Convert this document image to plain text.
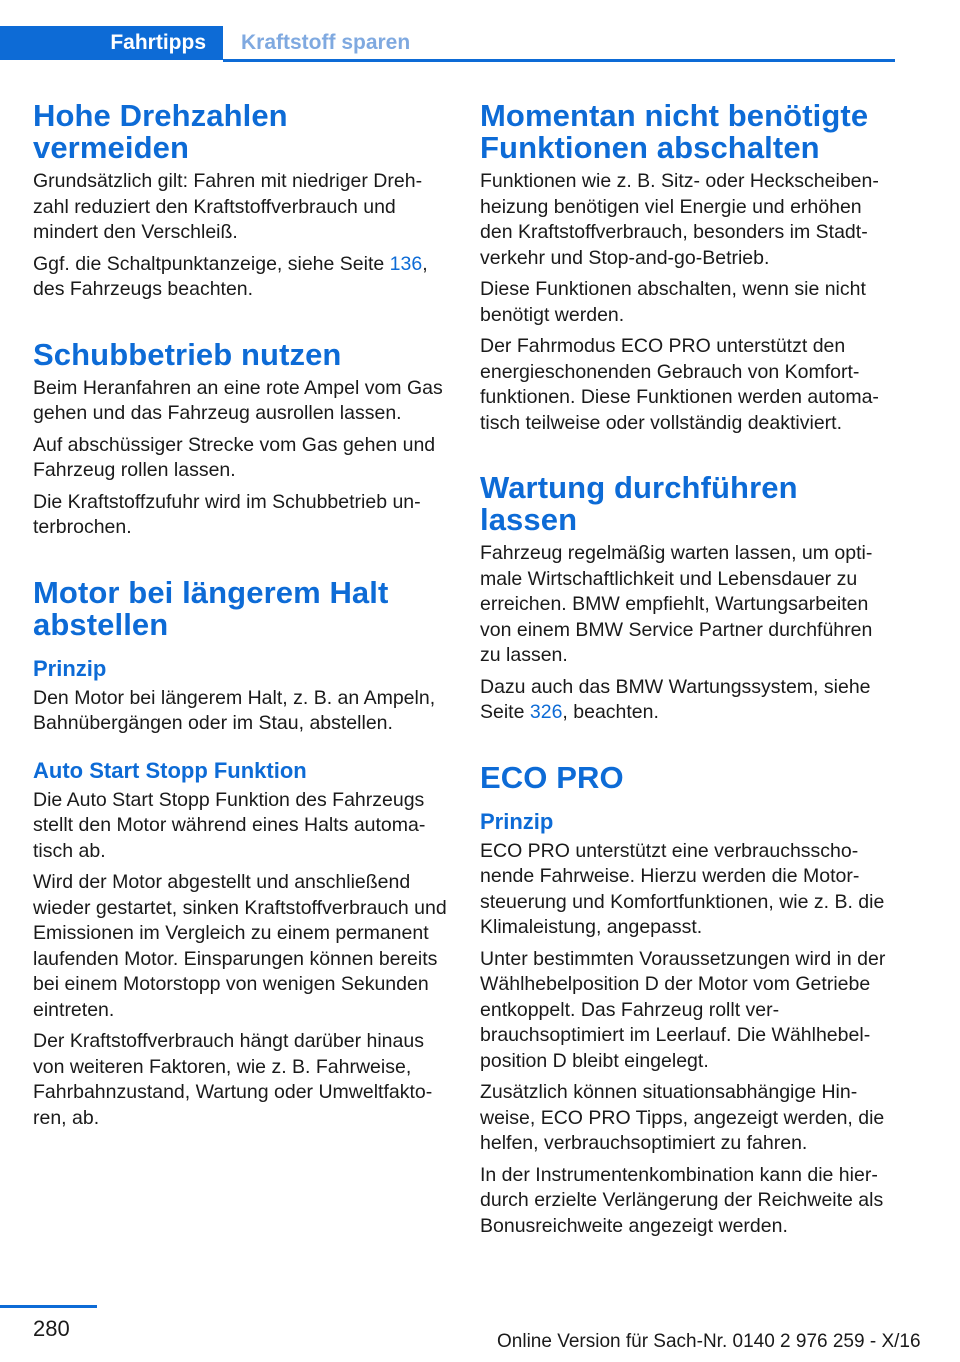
Fahrtipps	Kraftstoff sparen
Hohe Drehzahlen vermeiden

Grundsätzlich gilt: Fahren mit niedriger Drehzahl reduziert den Kraftstoffverbrauch und mindert den Verschleiß.

Ggf. die Schaltpunktanzeige, siehe Seite 136, des Fahrzeugs beachten.

Schubbetrieb nutzen

Beim Heranfahren an eine rote Ampel vom Gas gehen und das Fahrzeug ausrollen lassen.

Auf abschüssiger Strecke vom Gas gehen und Fahrzeug rollen lassen.

Die Kraftstoffzufuhr wird im Schubbetrieb unterbrochen.

Motor bei längerem Halt abstellen
Prinzip

Den Motor bei längerem Halt, z. B. an Ampeln, Bahnübergängen oder im Stau, abstellen.

Auto Start Stopp Funktion

Die Auto Start Stopp Funktion des Fahrzeugs stellt den Motor während eines Halts automatisch ab.

Wird der Motor abgestellt und anschließend wieder gestartet, sinken Kraftstoffverbrauch und Emissionen im Vergleich zu einem permanent laufenden Motor. Einsparungen können bereits bei einem Motorstopp von wenigen Sekunden eintreten.

Der Kraftstoffverbrauch hängt darüber hinaus von weiteren Faktoren, wie z. B. Fahrweise, Fahrbahnzustand, Wartung oder Umweltfaktoren, ab.

Momentan nicht benötigte Funktionen abschalten

Funktionen wie z. B. Sitz- oder Heckscheibenheizung benötigen viel Energie und erhöhen den Kraftstoffverbrauch, besonders im Stadtverkehr und Stop-and-go-Betrieb.

Diese Funktionen abschalten, wenn sie nicht benötigt werden.

Der Fahrmodus ECO PRO unterstützt den energieschonenden Gebrauch von Komfortfunktionen. Diese Funktionen werden automatisch teilweise oder vollständig deaktiviert.

Wartung durchführen lassen

Fahrzeug regelmäßig warten lassen, um optimale Wirtschaftlichkeit und Lebensdauer zu erreichen. BMW empfiehlt, Wartungsarbeiten von einem BMW Service Partner durchführen zu lassen.

Dazu auch das BMW Wartungssystem, siehe Seite 326, beachten.

ECO PRO
Prinzip

ECO PRO unterstützt eine verbrauchsschonende Fahrweise. Hierzu werden die Motorsteuerung und Komfortfunktionen, wie z. B. die Klimaleistung, angepasst.

Unter bestimmten Voraussetzungen wird in der Wählhebelposition D der Motor vom Getriebe entkoppelt. Das Fahrzeug rollt verbrauchsoptimiert im Leerlauf. Die Wählhebelposition D bleibt eingelegt.

Zusätzlich können situationsabhängige Hinweise, ECO PRO Tipps, angezeigt werden, die helfen, verbrauchsoptimiert zu fahren.

In der Instrumentenkombination kann die hierdurch erzielte Verlängerung der Reichweite als Bonusreichweite angezeigt werden.

280
Online Version für Sach-Nr. 0140 2 976 259 - X/16
